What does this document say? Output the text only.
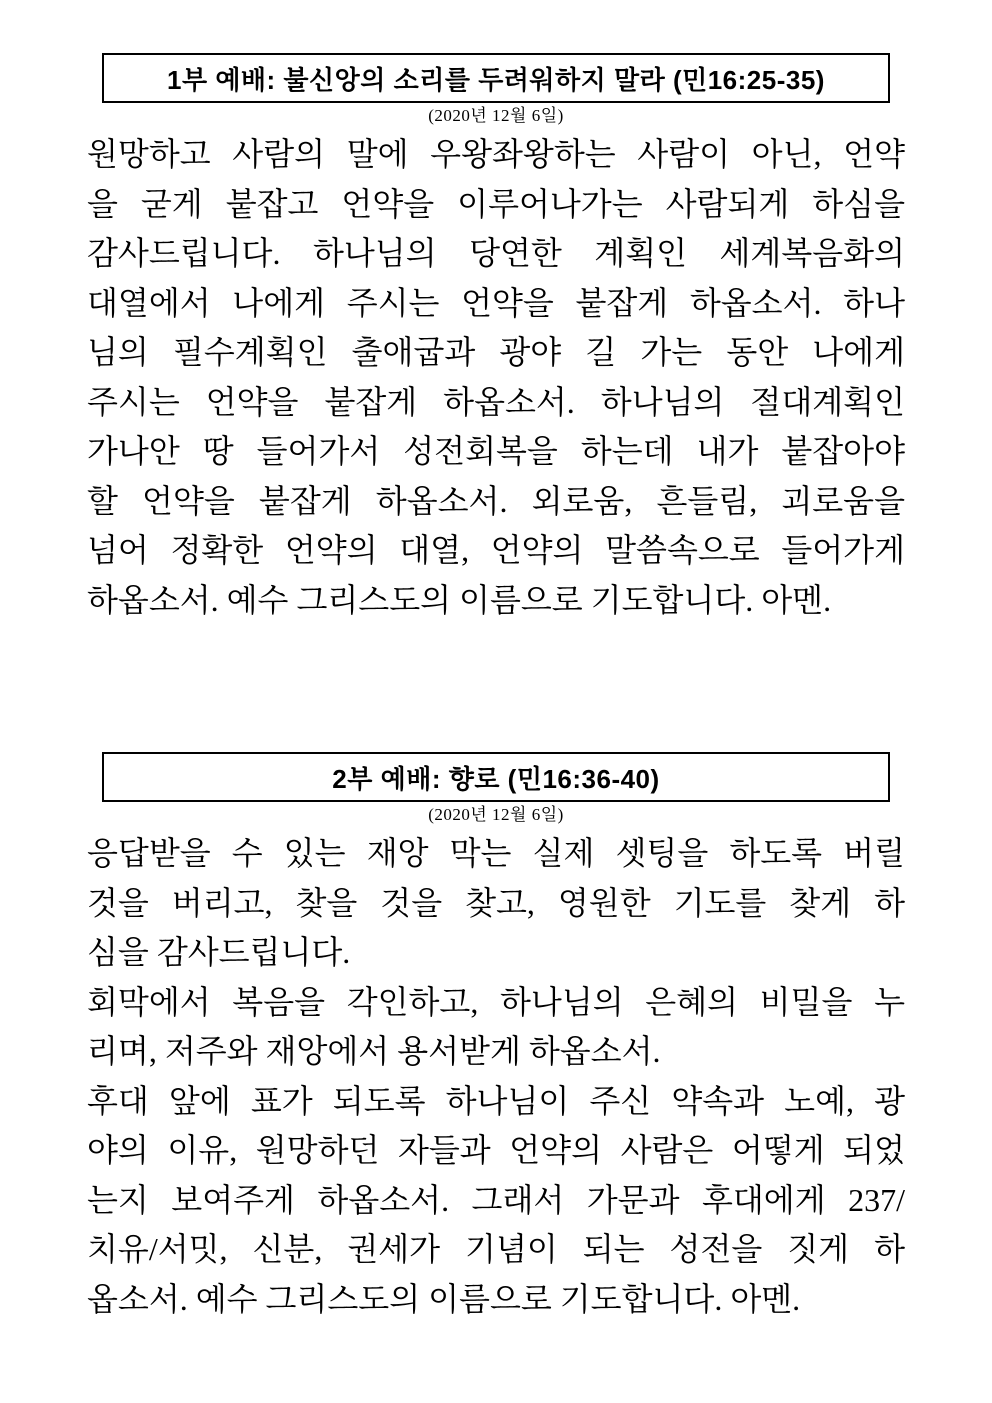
1부 예배: 불신앙의 소리를 두려워하지 말라 (민16:25-35)
(2020년 12월 6일)
원망하고 사람의 말에 우왕좌왕하는 사람이 아닌, 언약
을 굳게 붙잡고 언약을 이루어나가는 사람되게 하심을
감사드립니다. 하나님의 당연한 계획인 세계복음화의
대열에서 나에게 주시는 언약을 붙잡게 하옵소서. 하나
님의 필수계획인 출애굽과 광야 길 가는 동안 나에게
주시는 언약을 붙잡게 하옵소서. 하나님의 절대계획인
가나안 땅 들어가서 성전회복을 하는데 내가 붙잡아야
할 언약을 붙잡게 하옵소서. 외로움, 흔들림, 괴로움을
넘어 정확한 언약의 대열, 언약의 말씀속으로 들어가게
하옵소서. 예수 그리스도의 이름으로 기도합니다. 아멘.
2부 예배: 향로 (민16:36-40)
(2020년 12월 6일)
응답받을 수 있는 재앙 막는 실제 셋팅을 하도록 버릴
것을 버리고, 찾을 것을 찾고, 영원한 기도를 찾게 하
심을 감사드립니다.
회막에서 복음을 각인하고, 하나님의 은혜의 비밀을 누
리며, 저주와 재앙에서 용서받게 하옵소서.
후대 앞에 표가 되도록 하나님이 주신 약속과 노예, 광
야의 이유, 원망하던 자들과 언약의 사람은 어떻게 되었
는지 보여주게 하옵소서. 그래서 가문과 후대에게 237/
치유/서밋, 신분, 권세가 기념이 되는 성전을 짓게 하
옵소서. 예수 그리스도의 이름으로 기도합니다. 아멘.
